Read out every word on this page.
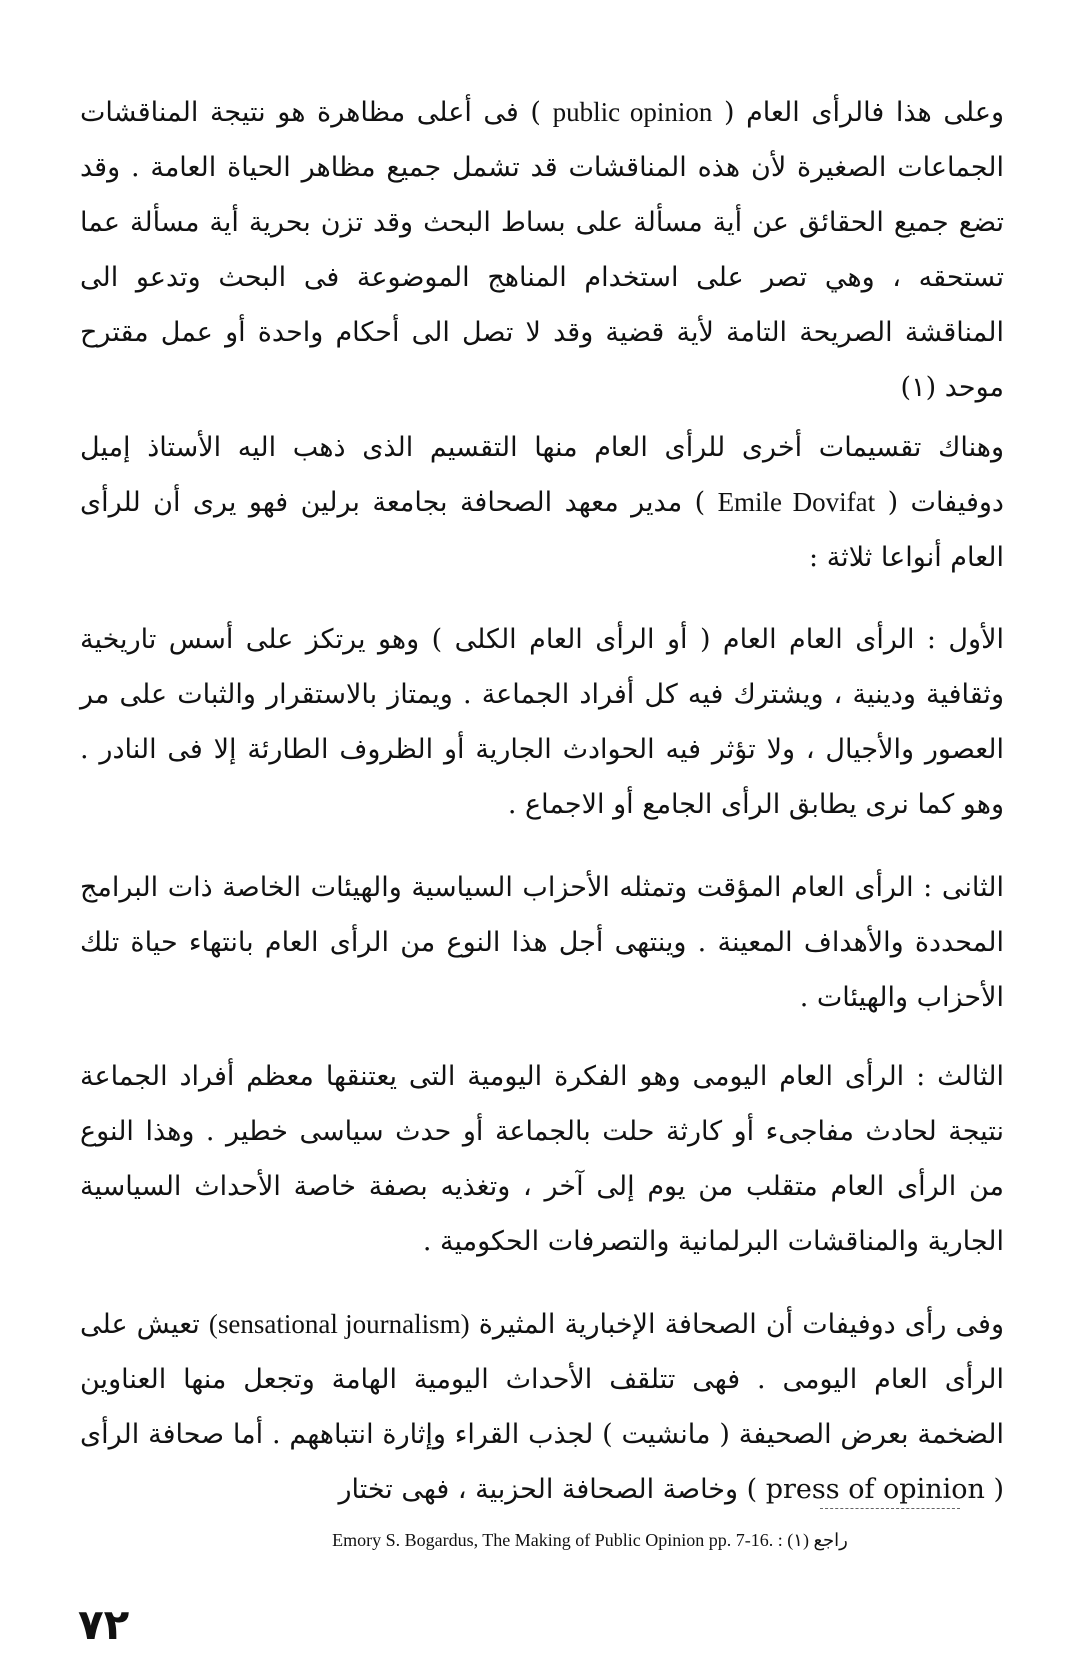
وعلى هذا فالرأى العام ( public opinion ) فى أعلى مظاهرة هو نتيجة المناقشات الجماعات الصغيرة لأن هذه المناقشات قد تشمل جميع مظاهر الحياة العامة . وقد تضع جميع الحقائق عن أية مسألة على بساط البحث وقد تزن بحرية أية مسألة عما تستحقه ، وهي تصر على استخدام المناهج الموضوعة فى البحث وتدعو الى المناقشة الصريحة التامة لأية قضية وقد لا تصل الى أحكام واحدة أو عمل مقترح موحد (١)

وهناك تقسيمات أخرى للرأى العام منها التقسيم الذى ذهب اليه الأستاذ إميل دوفيفات ( Emile Dovifat ) مدير معهد الصحافة بجامعة برلين فهو يرى أن للرأى العام أنواعا ثلاثة :

الأول : الرأى العام العام ( أو الرأى العام الكلى ) وهو يرتكز على أسس تاريخية وثقافية ودينية ، ويشترك فيه كل أفراد الجماعة . ويمتاز بالاستقرار والثبات على مر العصور والأجيال ، ولا تؤثر فيه الحوادث الجارية أو الظروف الطارئة إلا فى النادر . وهو كما نرى يطابق الرأى الجامع أو الاجماع .

الثانى : الرأى العام المؤقت وتمثله الأحزاب السياسية والهيئات الخاصة ذات البرامج المحددة والأهداف المعينة . وينتهى أجل هذا النوع من الرأى العام بانتهاء حياة تلك الأحزاب والهيئات .

الثالث : الرأى العام اليومى وهو الفكرة اليومية التى يعتنقها معظم أفراد الجماعة نتيجة لحادث مفاجىء أو كارثة حلت بالجماعة أو حدث سياسى خطير . وهذا النوع من الرأى العام متقلب من يوم إلى آخر ، وتغذيه بصفة خاصة الأحداث السياسية الجارية والمناقشات البرلمانية والتصرفات الحكومية .

وفى رأى دوفيفات أن الصحافة الإخبارية المثيرة (sensational journalism) تعيش على الرأى العام اليومى . فهى تتلقف الأحداث اليومية الهامة وتجعل منها العناوين الضخمة بعرض الصحيفة ( مانشيت ) لجذب القراء وإثارة انتباههم . أما صحافة الرأى ( press of opinion ) وخاصة الصحافة الحزبية ، فهى تختار

Emory S. Bogardus, The Making of Public Opinion pp. 7-16. : (١) راجع
٧٢
